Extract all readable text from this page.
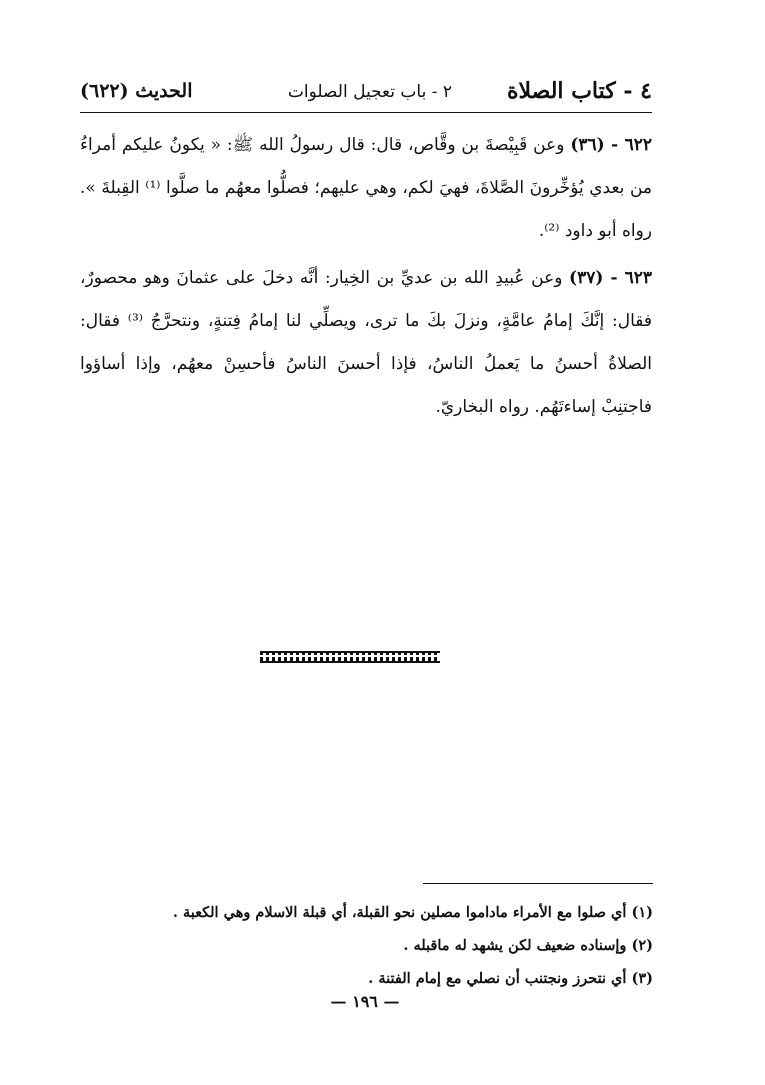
٤ - كتاب الصلاة
٢ - باب تعجيل الصلوات
الحديث (٦٢٢)

٦٢٢ - (٣٦) وعن قَبِيْصةَ بن وقَّاص، قال: قال رسولُ الله ﷺ: « يكونُ عليكم أمراءُ من بعدي يُؤخِّرونَ الصَّلاةَ، فهيَ لكم، وهي عليهم؛ فصلُّوا معهُم ما صلَّوا ⁽¹⁾ القِبلةَ ». رواه أبو داود ⁽²⁾.

٦٢٣ - (٣٧) وعن عُبيدِ الله بن عديِّ بن الخِيار: أنَّه دخلَ على عثمانَ وهو محصورٌ، فقال: إنَّكَ إمامُ عامَّةٍ، ونزلَ بكَ ما ترى، ويصلِّي لنا إمامُ فِتنةٍ، ونتحرَّجُ ⁽³⁾ فقال: الصلاةُ أحسنُ ما يَعملُ الناسُ، فإذا أحسنَ الناسُ فأحسِنْ معهُم، وإذا أساؤوا فاجتنِبْ إساءتَهُم. رواه البخاريّ.

(١) أي صلوا مع الأمراء ماداموا مصلين نحو القبلة، أي قبلة الاسلام وهي الكعبة .

(٢) وإسناده ضعيف لكن يشهد له ماقبله .

(٣) أي نتحرز ونجتنب أن نصلي مع إمام الفتنة .

— ١٩٦ —
